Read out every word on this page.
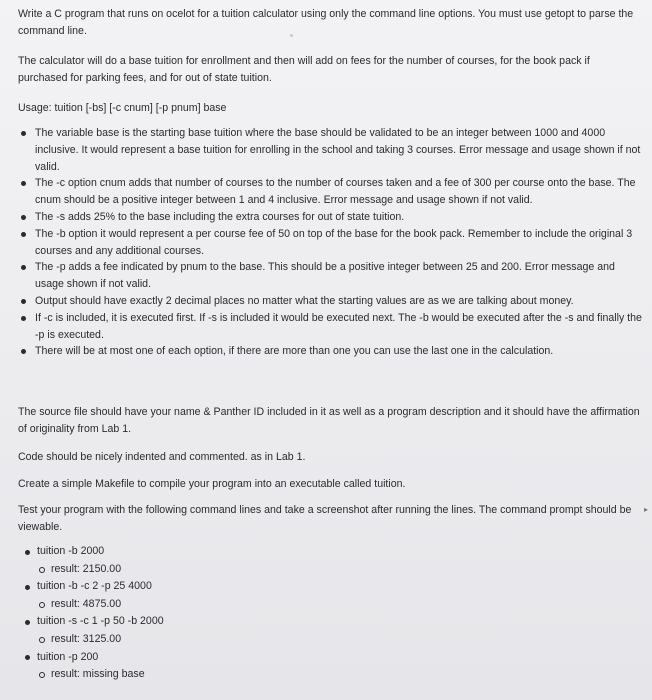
Write a C program that runs on ocelot for a tuition calculator using only the command line options. You must use getopt to parse the command line.

The calculator will do a base tuition for enrollment and then will add on fees for the number of courses, for the book pack if purchased for parking fees, and for out of state tuition.

Usage: tuition [-bs] [-c cnum] [-p pnum] base

The variable base is the starting base tuition where the base should be validated to be an integer between 1000 and 4000 inclusive. It would represent a base tuition for enrolling in the school and taking 3 courses. Error message and usage shown if not valid.
The -c option cnum adds that number of courses to the number of courses taken and a fee of 300 per course onto the base. The cnum should be a positive integer between 1 and 4 inclusive. Error message and usage shown if not valid.
The -s adds 25% to the base including the extra courses for out of state tuition.
The -b option it would represent a per course fee of 50 on top of the base for the book pack. Remember to include the original 3 courses and any additional courses.
The -p adds a fee indicated by pnum to the base. This should be a positive integer between 25 and 200. Error message and usage shown if not valid.
Output should have exactly 2 decimal places no matter what the starting values are as we are talking about money.
If -c is included, it is executed first. If -s is included it would be executed next. The -b would be executed after the -s and finally the -p is executed.
There will be at most one of each option, if there are more than one you can use the last one in the calculation.

The source file should have your name & Panther ID included in it as well as a program description and it should have the affirmation of originality from Lab 1.

Code should be nicely indented and commented. as in Lab 1.

Create a simple Makefile to compile your program into an executable called tuition.

Test your program with the following command lines and take a screenshot after running the lines. The command prompt should be viewable.

▸
tuition -b 2000
result: 2150.00
tuition -b -c 2 -p 25 4000
result: 4875.00
tuition -s -c 1 -p 50 -b 2000
result: 3125.00
tuition -p 200
result: missing base
